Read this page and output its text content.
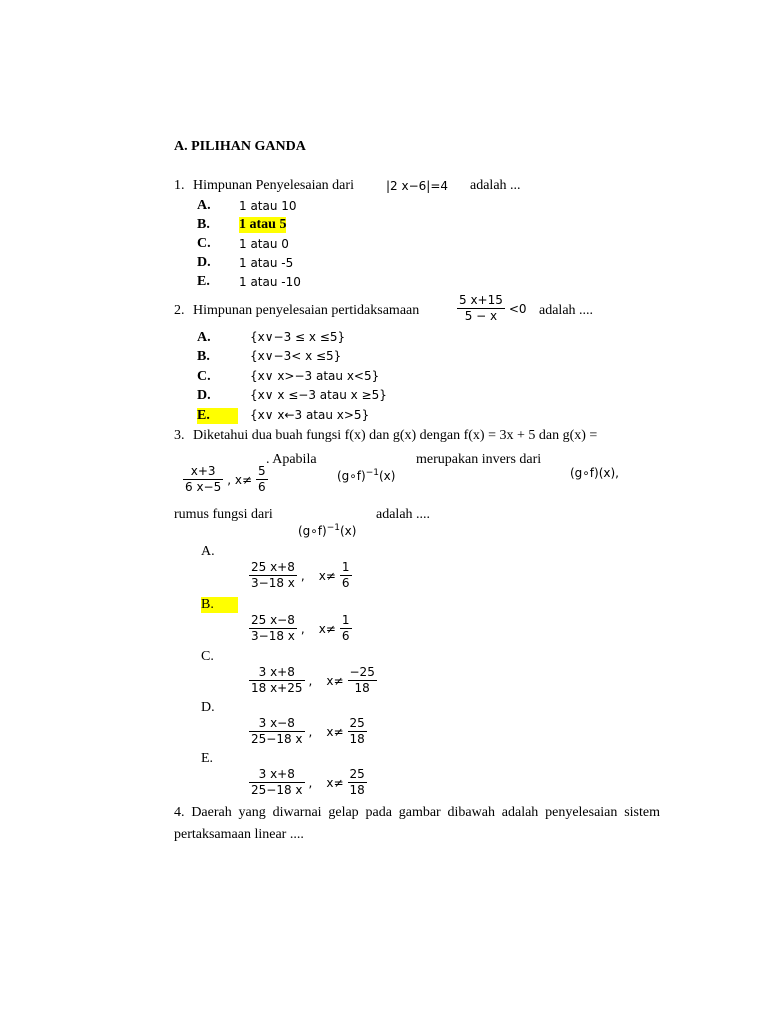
A. PILIHAN GANDA
1. Himpunan Penyelesaian dari	|2 x−6|=4 adalah ...
A. 1 atau 10
B. 1 atau 5
C. 1 atau 0
D. 1 atau -5
E. 1 atau -10
2. Himpunan penyelesaian pertidaksamaan	$\frac{5 x+15}{5 - x} <0$ adalah ....
A.	{x∨−3 ≤ x ≤5}
B.	{x∨−3< x ≤5}
C.	{x∨ x>−3 atau x<5}
D.	{x∨ x ≤−3 atau x ≥5}
E.	{x∨ x←3 atau x>5}
3. Diketahui dua buah fungsi f(x) dan g(x) dengan f(x) = 3x + 5 dan g(x) =
$\frac{x+3}{6 x-5}$ , $x\ne \frac{5}{6}$
. Apabila
(g∘f)$^{-1}$(x)
merupakan invers dari
(g∘f)(x),
rumus fungsi dari
(g∘f)$^{-1}$(x)
adalah ....
A.
$\frac{25 x+8}{3-18 x}$ , $x\ne \frac{1}{6}$
B.
$\frac{25 x-8}{3-18 x}$ , $x\ne \frac{1}{6}$
C.
$\frac{3 x+8}{18 x+25}$ , $x\ne \frac{-25}{18}$
D.
$\frac{3 x-8}{25-18 x}$ , $x\ne \frac{25}{18}$
E.
$\frac{3 x+8}{25-18 x}$ , $x\ne \frac{25}{18}$
4. Daerah yang diwarnai gelap pada gambar dibawah adalah penyelesaian sistem pertaksamaan linear ....
